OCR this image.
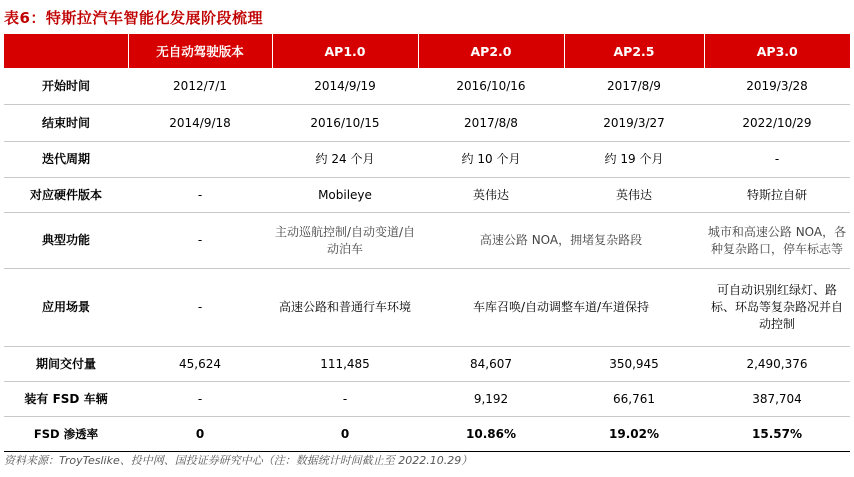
表6：特斯拉汽车智能化发展阶段梳理
	无自动驾驶版本	AP1.0	AP2.0	AP2.5	AP3.0
开始时间	2012/7/1	2014/9/19	2016/10/16	2017/8/9	2019/3/28
结束时间	2014/9/18	2016/10/15	2017/8/8	2019/3/27	2022/10/29
迭代周期		约 24 个月	约 10 个月	约 19 个月	-
对应硬件版本	-	Mobileye	英伟达	英伟达	特斯拉自研
典型功能	-	主动巡航控制/自动变道/自动泊车	高速公路 NOA，拥堵复杂路段		城市和高速公路 NOA，各种复杂路口，停车标志等
应用场景	-	高速公路和普通行车环境	车库召唤/自动调整车道/车道保持		可自动识别红绿灯、路标、环岛等复杂路况并自动控制
期间交付量	45,624	111,485	84,607	350,945	2,490,376
装有 FSD 车辆	-	-	9,192	66,761	387,704
FSD 渗透率	0	0	10.86%	19.02%	15.57%
资料来源：TroyTeslike、投中网、国投证券研究中心（注：数据统计时间截止至 2022.10.29）
